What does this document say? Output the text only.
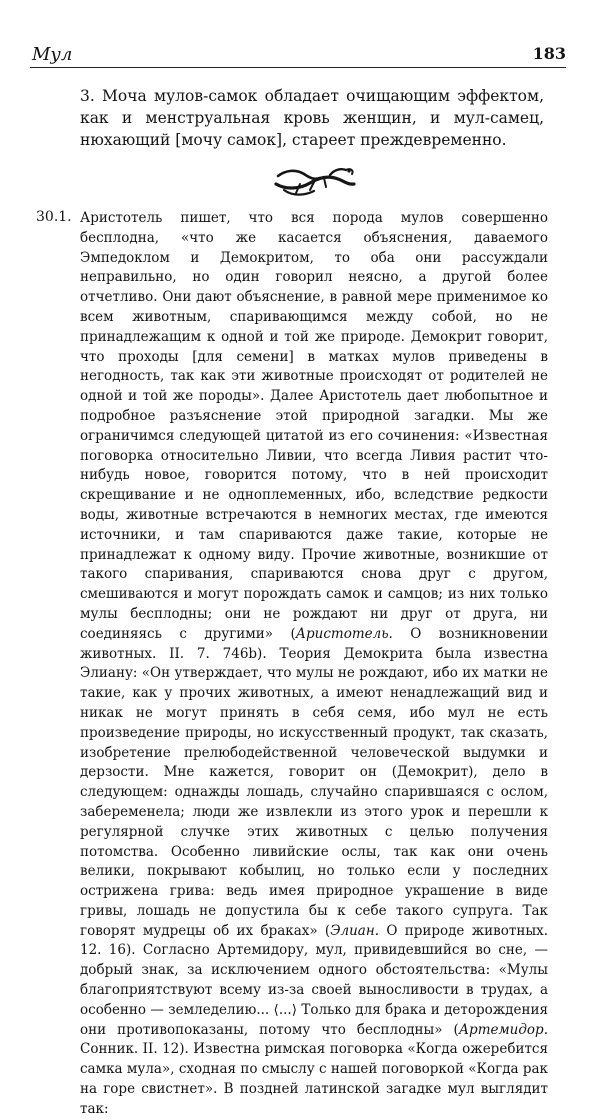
Мул	183
3. Моча мулов-самок обладает очищающим эффектом, как и менструальная кровь женщин, и мул-самец, нюхающий [мочу самок], стареет преждевременно.
30.1. Аристотель пишет, что вся порода мулов совершенно бесплодна, «что же касается объяснения, даваемого Эмпедоклом и Демокритом, то оба они рассуждали неправильно, но один говорил неясно, а другой более отчетливо. Они дают объяснение, в равной мере применимое ко всем животным, спаривающимся между собой, но не принадлежащим к одной и той же природе. Демокрит говорит, что проходы [для семени] в матках мулов приведены в негодность, так как эти животные происходят от родителей не одной и той же породы». Далее Аристотель дает любопытное и подробное разъяснение этой природной загадки. Мы же ограничимся следующей цитатой из его сочинения: «Известная поговорка относительно Ливии, что всегда Ливия растит что-нибудь новое, говорится потому, что в ней происходит скрещивание и не одноплеменных, ибо, вследствие редкости воды, животные встречаются в немногих местах, где имеются источники, и там спариваются даже такие, которые не принадлежат к одному виду. Прочие животные, возникшие от такого спаривания, спариваются снова друг с другом, смешиваются и могут порождать самок и самцов; из них только мулы бесплодны; они не рождают ни друг от друга, ни соединяясь с другими» (Аристотель. О возникновении животных. II. 7. 746b). Теория Демокрита была известна Элиану: «Он утверждает, что мулы не рождают, ибо их матки не такие, как у прочих животных, а имеют ненадлежащий вид и никак не могут принять в себя семя, ибо мул не есть произведение природы, но искусственный продукт, так сказать, изобретение прелюбодейственной человеческой выдумки и дерзости. Мне кажется, говорит он (Демокрит), дело в следующем: однажды лошадь, случайно спарившаяся с ослом, забеременела; люди же извлекли из этого урок и перешли к регулярной случке этих животных с целью получения потомства. Особенно ливийские ослы, так как они очень велики, покрывают кобылиц, но только если у последних острижена грива: ведь имея природное украшение в виде гривы, лошадь не допустила бы к себе такого супруга. Так говорят мудрецы об их браках» (Элиан. О природе животных. 12. 16). Согласно Артемидору, мул, привидевшийся во сне, — добрый знак, за исключением одного обстоятельства: «Мулы благоприятствуют всему из-за своей выносливости в трудах, а особенно — земледелию... ⟨...⟩ Только для брака и деторождения они противопоказаны, потому что бесплодны» (Артемидор. Сонник. II. 12). Известна римская поговорка «Когда ожеребится самка мула», сходная по смыслу с нашей поговоркой «Когда рак на горе свистнет». В поздней латинской загадке мул выглядит так:
